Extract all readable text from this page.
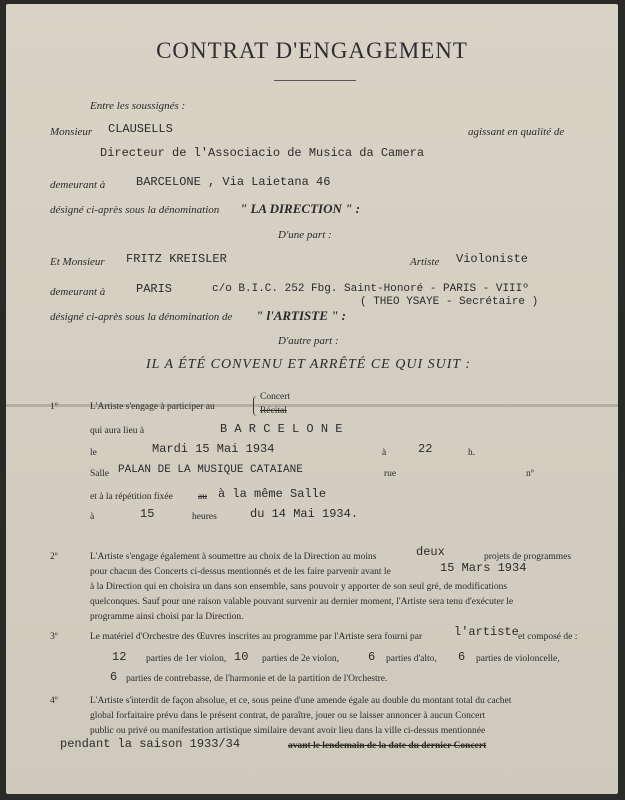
CONTRAT D'ENGAGEMENT
Entre les soussignés :
Monsieur CLAUSELLS	agissant en qualité de
Directeur de l'Associacio de Musica da Camera
demeurant à	BARCELONE , Via Laietana 46
désigné ci-après sous la dénomination " LA DIRECTION " :
D'une part :
Et Monsieur FRITZ KREISLER	Artiste Violoniste
demeurant à	PARIS	c/o B.I.C. 252 Fbg. Saint-Honoré - PARIS - VIIIº
( THEO YSAYE - Secrétaire )
désigné ci-après sous la dénomination de " l'ARTISTE " :
D'autre part :
IL A ÉTÉ CONVENU ET ARRÊTÉ CE QUI SUIT :
1º	L'Artiste s'engage à participer au
Concert
Récital
qui aura lieu à	B A R C E L O N E
le	Mardi 15 Mai 1934	à	22	h.
Salle PALAN DE LA MUSIQUE CATAIANE	rue	nº
et à la répétition fixée	au à la même Salle
à	15	heures	du 14 Mai 1934.
2º	L'Artiste s'engage également à soumettre au choix de la Direction au moins	deux	projets de programmes
pour chacun des Concerts ci-dessus mentionnés et de les faire parvenir avant le	15 Mars 1934
à la Direction qui en choisira un dans son ensemble, sans pouvoir y apporter de son seul gré, de modifications
quelconques. Sauf pour une raison valable pouvant survenir au dernier moment, l'Artiste sera tenu d'exécuter le
programme ainsi choisi par la Direction.
3º	Le matériel d'Orchestre des Œuvres inscrites au programme par l'Artiste sera fourni par	l'artiste et composé de :
12 parties de 1er violon, 10 parties de 2e violon, 6 parties d'alto, 6 parties de violoncelle,
6 parties de contrebasse, de l'harmonie et de la partition de l'Orchestre.
4º	L'Artiste s'interdit de façon absolue, et ce, sous peine d'une amende égale au double du montant total du cachet
global forfaitaire prévu dans le présent contrat, de paraître, jouer ou se laisser annoncer à aucun Concert
public ou privé ou manifestation artistique similaire devant avoir lieu dans la ville ci-dessus mentionnée
pendant la saison 1933/34	avant le lendemain de la date du dernier Concert
